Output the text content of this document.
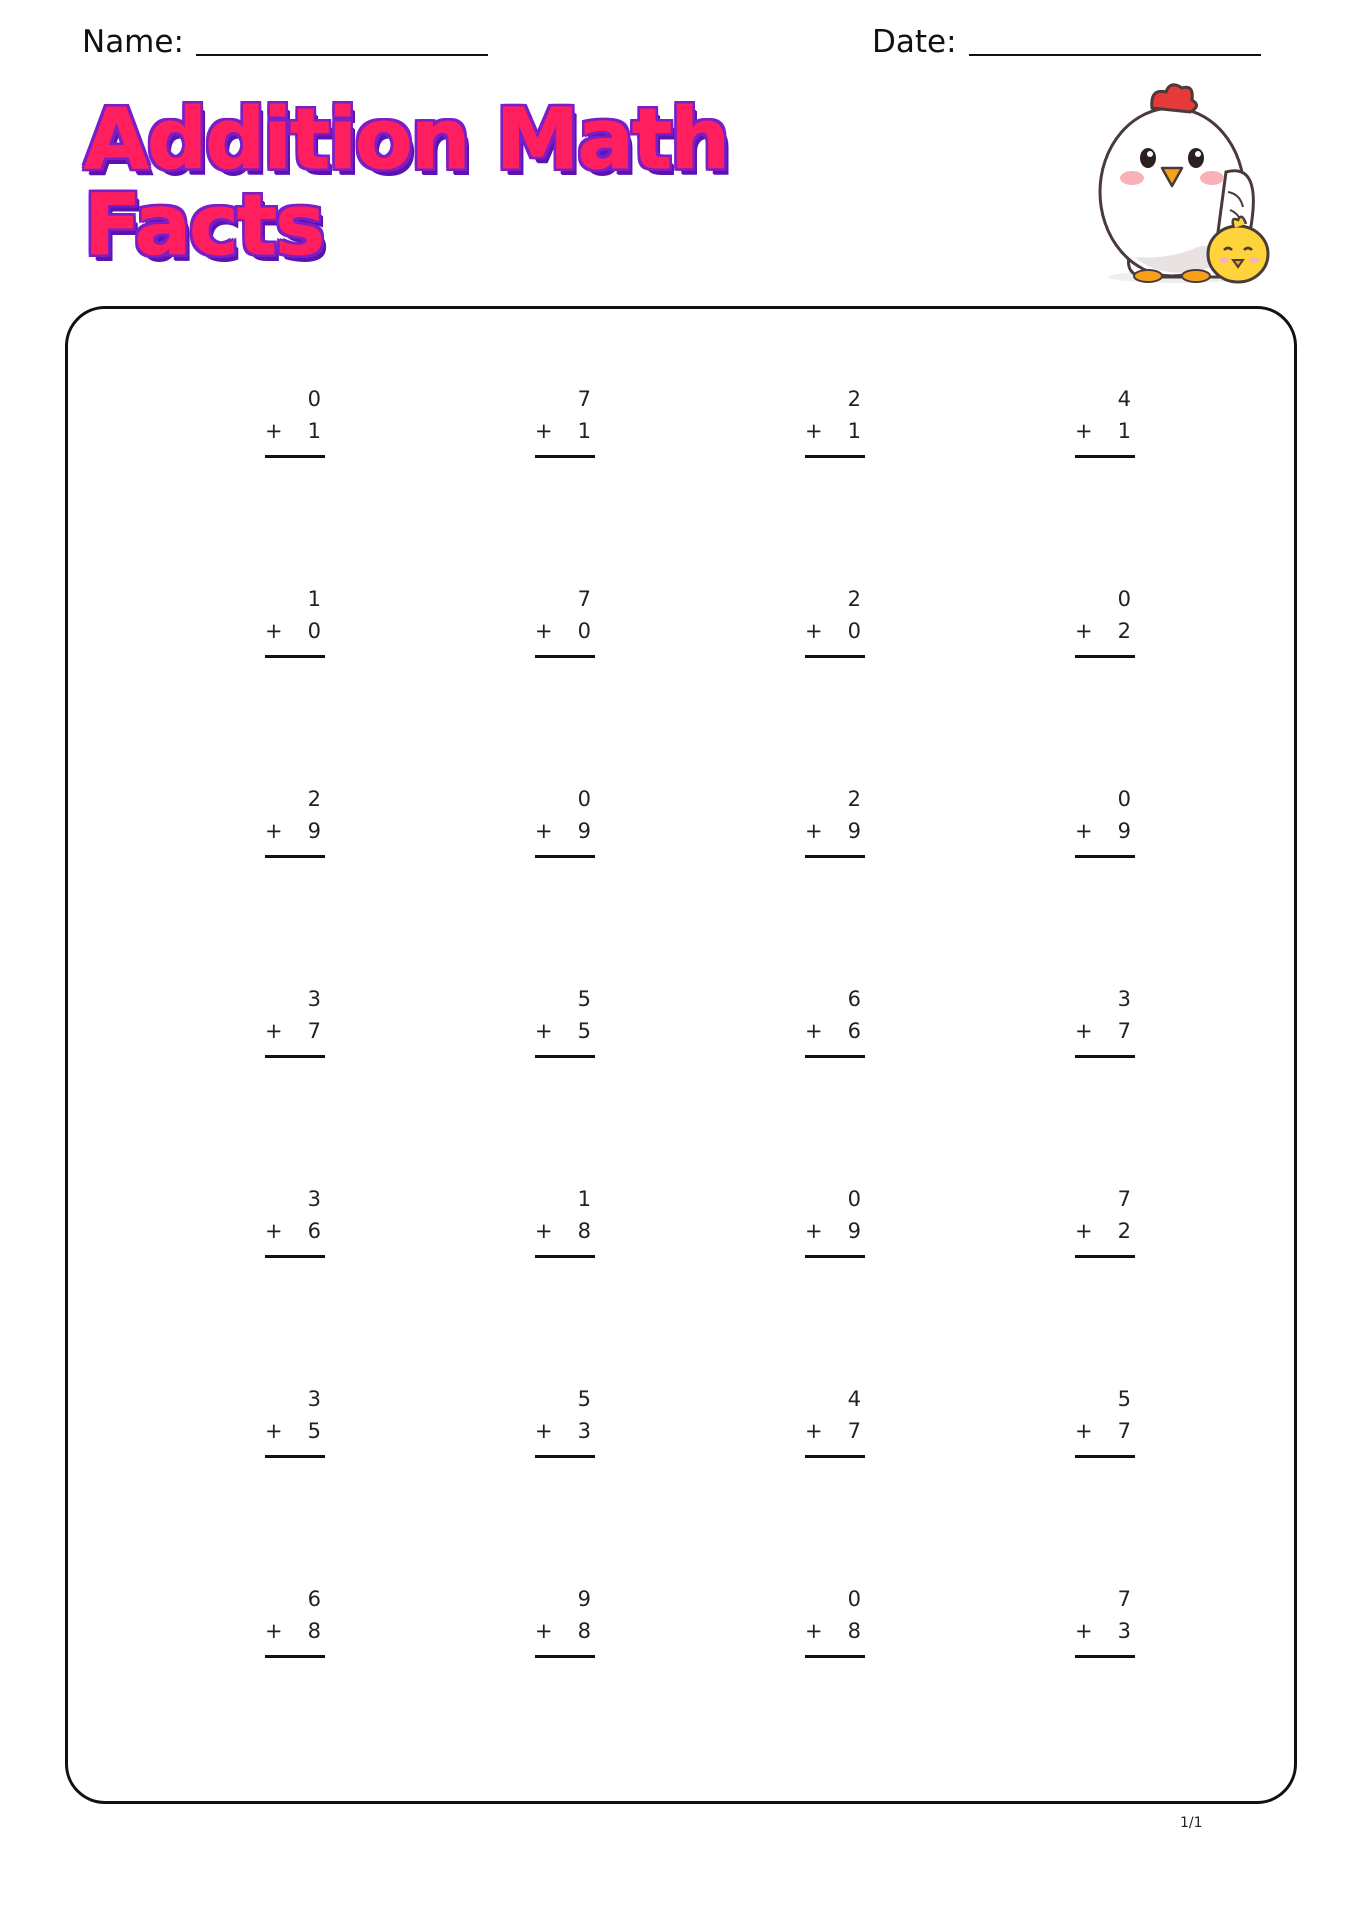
Name:	Date:
Addition Math
Facts
0
+ 1
7
+ 1
2
+ 1
4
+ 1
1
+ 0
7
+ 0
2
+ 0
0
+ 2
2
+ 9
0
+ 9
2
+ 9
0
+ 9
3
+ 7
5
+ 5
6
+ 6
3
+ 7
3
+ 6
1
+ 8
0
+ 9
7
+ 2
3
+ 5
5
+ 3
4
+ 7
5
+ 7
6
+ 8
9
+ 8
0
+ 8
7
+ 3
1/1
